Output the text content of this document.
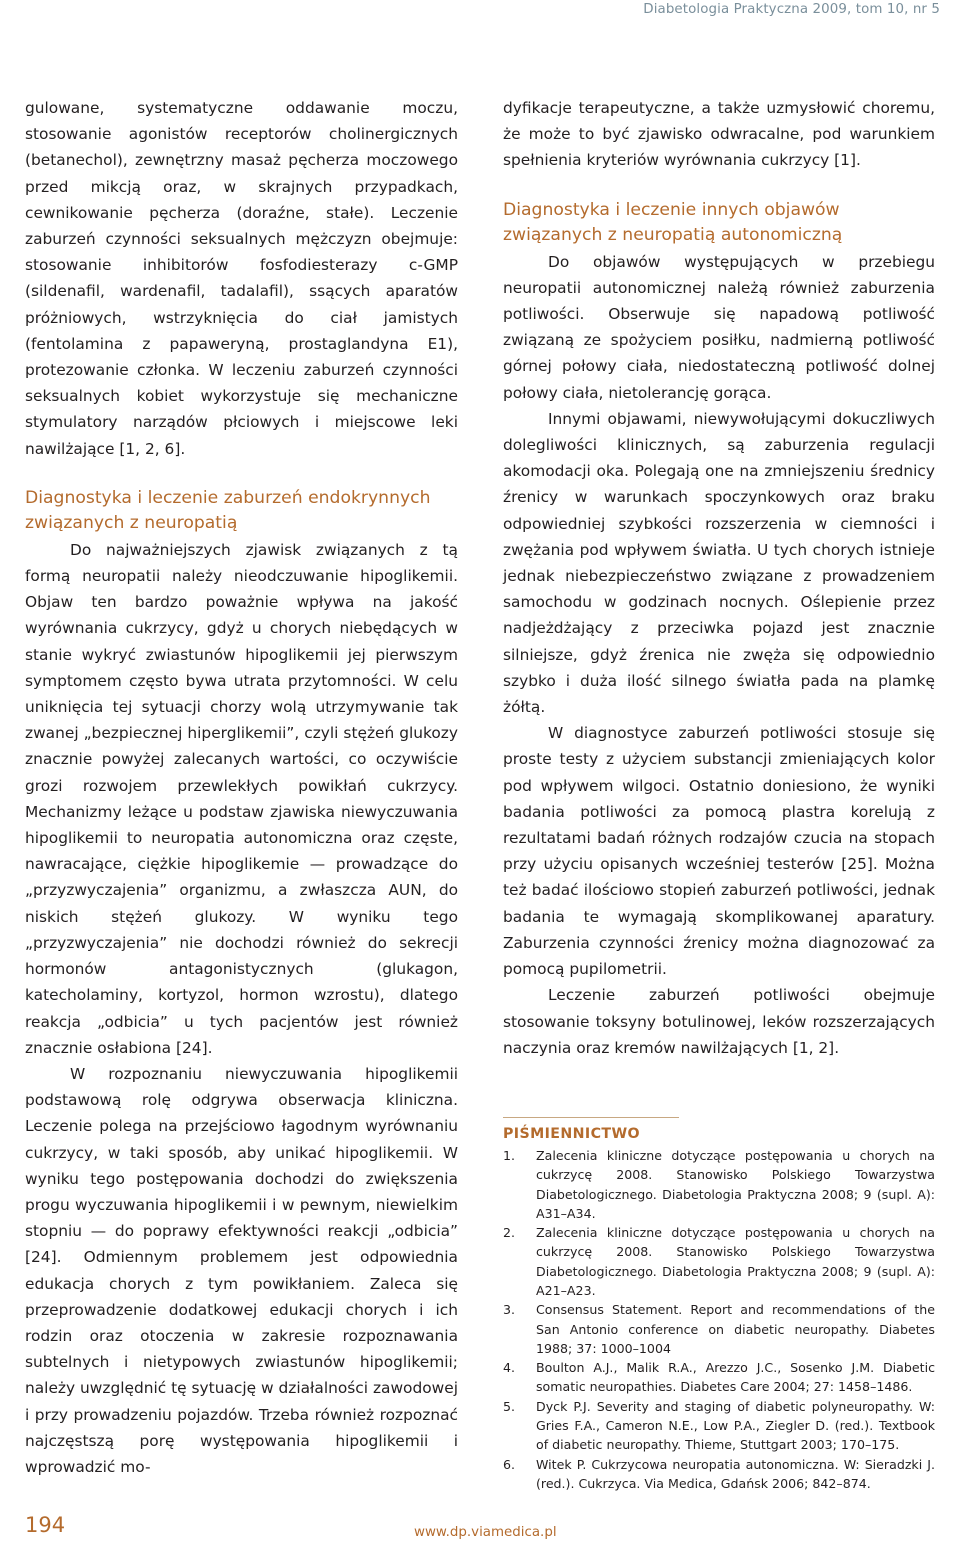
Diabetologia Praktyczna 2009, tom 10, nr 5

gulowane, systematyczne oddawanie moczu, stosowanie agonistów receptorów cholinergicznych (betanechol), zewnętrzny masaż pęcherza moczowego przed mikcją oraz, w skrajnych przypadkach, cewnikowanie pęcherza (doraźne, stałe). Leczenie zaburzeń czynności seksualnych mężczyzn obejmuje: stosowanie inhibitorów fosfodiesterazy c-GMP (sildenafil, wardenafil, tadalafil), ssących aparatów próżniowych, wstrzyknięcia do ciał jamistych (fentolamina z papaweryną, prostaglandyna E1), protezowanie członka. W leczeniu zaburzeń czynności seksualnych kobiet wykorzystuje się mechaniczne stymulatory narządów płciowych i miejscowe leki nawilżające [1, 2, 6].

Diagnostyka i leczenie zaburzeń endokrynnych związanych z neuropatią

Do najważniejszych zjawisk związanych z tą formą neuropatii należy nieodczuwanie hipoglikemii. Objaw ten bardzo poważnie wpływa na jakość wyrównania cukrzycy, gdyż u chorych niebędących w stanie wykryć zwiastunów hipoglikemii jej pierwszym symptomem często bywa utrata przytomności. W celu uniknięcia tej sytuacji chorzy wolą utrzymywanie tak zwanej „bezpiecznej hiperglikemii”, czyli stężeń glukozy znacznie powyżej zalecanych wartości, co oczywiście grozi rozwojem przewlekłych powikłań cukrzycy. Mechanizmy leżące u podstaw zjawiska niewyczuwania hipoglikemii to neuropatia autonomiczna oraz częste, nawracające, ciężkie hipoglikemie — prowadzące do „przyzwyczajenia” organizmu, a zwłaszcza AUN, do niskich stężeń glukozy. W wyniku tego „przyzwyczajenia” nie dochodzi również do sekrecji hormonów antagonistycznych (glukagon, katecholaminy, kortyzol, hormon wzrostu), dlatego reakcja „odbicia” u tych pacjentów jest również znacznie osłabiona [24].

W rozpoznaniu niewyczuwania hipoglikemii podstawową rolę odgrywa obserwacja kliniczna. Leczenie polega na przejściowo łagodnym wyrównaniu cukrzycy, w taki sposób, aby unikać hipoglikemii. W wyniku tego postępowania dochodzi do zwiększenia progu wyczuwania hipoglikemii i w pewnym, niewielkim stopniu — do poprawy efektywności reakcji „odbicia” [24]. Odmiennym problemem jest odpowiednia edukacja chorych z tym powikłaniem. Zaleca się przeprowadzenie dodatkowej edukacji chorych i ich rodzin oraz otoczenia w zakresie rozpoznawania subtelnych i nietypowych zwiastunów hipoglikemii; należy uwzględnić tę sytuację w działalności zawodowej i przy prowadzeniu pojazdów. Trzeba również rozpoznać najczęstszą porę występowania hipoglikemii i wprowadzić mo-

dyfikacje terapeutyczne, a także uzmysłowić choremu, że może to być zjawisko odwracalne, pod warunkiem spełnienia kryteriów wyrównania cukrzycy [1].

Diagnostyka i leczenie innych objawów związanych z neuropatią autonomiczną

Do objawów występujących w przebiegu neuropatii autonomicznej należą również zaburzenia potliwości. Obserwuje się napadową potliwość związaną ze spożyciem posiłku, nadmierną potliwość górnej połowy ciała, niedostateczną potliwość dolnej połowy ciała, nietolerancję gorąca.

Innymi objawami, niewywołującymi dokuczliwych dolegliwości klinicznych, są zaburzenia regulacji akomodacji oka. Polegają one na zmniejszeniu średnicy źrenicy w warunkach spoczynkowych oraz braku odpowiedniej szybkości rozszerzenia w ciemności i zwężania pod wpływem światła. U tych chorych istnieje jednak niebezpieczeństwo związane z prowadzeniem samochodu w godzinach nocnych. Oślepienie przez nadjeżdżający z przeciwka pojazd jest znacznie silniejsze, gdyż źrenica nie zwęża się odpowiednio szybko i duża ilość silnego światła pada na plamkę żółtą.

W diagnostyce zaburzeń potliwości stosuje się proste testy z użyciem substancji zmieniających kolor pod wpływem wilgoci. Ostatnio doniesiono, że wyniki badania potliwości za pomocą plastra korelują z rezultatami badań różnych rodzajów czucia na stopach przy użyciu opisanych wcześniej testerów [25]. Można też badać ilościowo stopień zaburzeń potliwości, jednak badania te wymagają skomplikowanej aparatury. Zaburzenia czynności źrenicy można diagnozować za pomocą pupilometrii.

Leczenie zaburzeń potliwości obejmuje stosowanie toksyny botulinowej, leków rozszerzających naczynia oraz kremów nawilżających [1, 2].

PIŚMIENNICTWO
1. Zalecenia kliniczne dotyczące postępowania u chorych na cukrzycę 2008. Stanowisko Polskiego Towarzystwa Diabetologicznego. Diabetologia Praktyczna 2008; 9 (supl. A): A31–A34.
2. Zalecenia kliniczne dotyczące postępowania u chorych na cukrzycę 2008. Stanowisko Polskiego Towarzystwa Diabetologicznego. Diabetologia Praktyczna 2008; 9 (supl. A): A21–A23.
3. Consensus Statement. Report and recommendations of the San Antonio conference on diabetic neuropathy. Diabetes 1988; 37: 1000–1004
4. Boulton A.J., Malik R.A., Arezzo J.C., Sosenko J.M. Diabetic somatic neuropathies. Diabetes Care 2004; 27: 1458–1486.
5. Dyck P.J. Severity and staging of diabetic polyneuropathy. W: Gries F.A., Cameron N.E., Low P.A., Ziegler D. (red.). Textbook of diabetic neuropathy. Thieme, Stuttgart 2003; 170–175.
6. Witek P. Cukrzycowa neuropatia autonomiczna. W: Sieradzki J. (red.). Cukrzyca. Via Medica, Gdańsk 2006; 842–874.
194	www.dp.viamedica.pl
